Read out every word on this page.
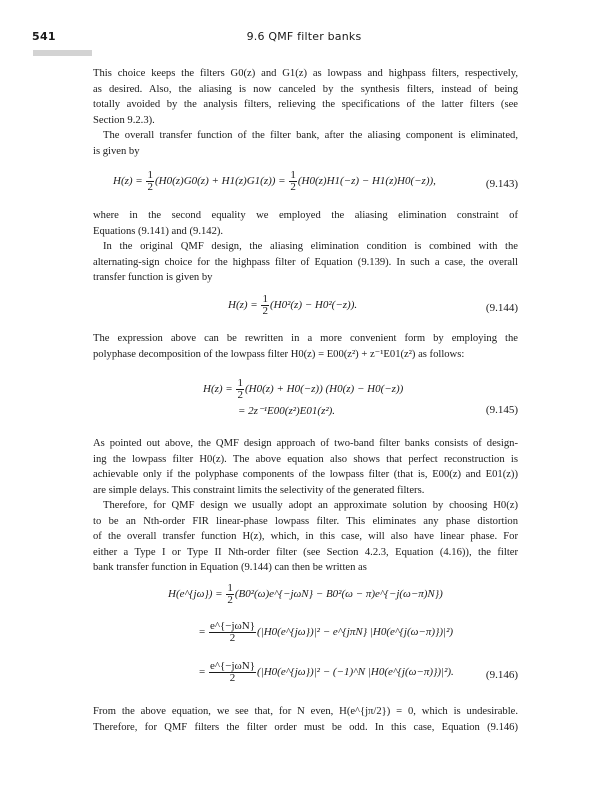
541	9.6 QMF filter banks
This choice keeps the filters G0(z) and G1(z) as lowpass and highpass filters, respectively,
as desired. Also, the aliasing is now canceled by the synthesis filters, instead of being
totally avoided by the analysis filters, relieving the specifications of the latter filters (see
Section 9.2.3).
The overall transfer function of the filter bank, after the aliasing component is eliminated,
is given by
$H(z) = \frac{1}{2} (H0(z)G0(z) + H1(z)G1(z)) = \frac{1}{2} (H0(z)H1(-z) - H1(z)H0(-z))$,	(9.143)
where in the second equality we employed the aliasing elimination constraint of
Equations (9.141) and (9.142).
In the original QMF design, the aliasing elimination condition is combined with the
alternating-sign choice for the highpass filter of Equation (9.139). In such a case, the overall
transfer function is given by
$H(z) = \frac{1}{2} (H0^2(z) - H0^2(-z))$.	(9.144)
The expression above can be rewritten in a more convenient form by employing the
polyphase decomposition of the lowpass filter H0(z) = E00(z²) + z⁻¹E01(z²) as follows:
$H(z) = \frac{1}{2} (H0(z) + H0(-z)) (H0(z) - H0(-z))$
= 2z⁻¹E00(z²)E01(z²).	(9.145)
As pointed out above, the QMF design approach of two-band filter banks consists of design-
ing the lowpass filter H0(z). The above equation also shows that perfect reconstruction is
achievable only if the polyphase components of the lowpass filter (that is, E00(z) and E01(z))
are simple delays. This constraint limits the selectivity of the generated filters.
Therefore, for QMF design we usually adopt an approximate solution by choosing H0(z)
to be an Nth-order FIR linear-phase lowpass filter. This eliminates any phase distortion
of the overall transfer function H(z), which, in this case, will also have linear phase. For
either a Type I or Type II Nth-order filter (see Section 4.2.3, Equation (4.16)), the filter
bank transfer function in Equation (9.144) can then be written as
H(e^{jω}) = $\frac{1}{2}$ (B0²(ω)e^{−jωN} − B0²(ω − π)e^{−j(ω−π)N})
= $\frac{\text{e\textasciicircum{}\{−jωN\}}}{2}$ (|H0(e^{jω})|² − e^{jπN} |H0(e^{j(ω−π)})|²)
= $\frac{\text{e\textasciicircum{}\{−jωN\}}}{2}$ (|H0(e^{jω})|² − (−1)^N |H0(e^{j(ω−π)})|²).	(9.146)
From the above equation, we see that, for N even, H(e^{jπ/2}) = 0, which is undesirable.
Therefore, for QMF filters the filter order must be odd. In this case, Equation (9.146)
